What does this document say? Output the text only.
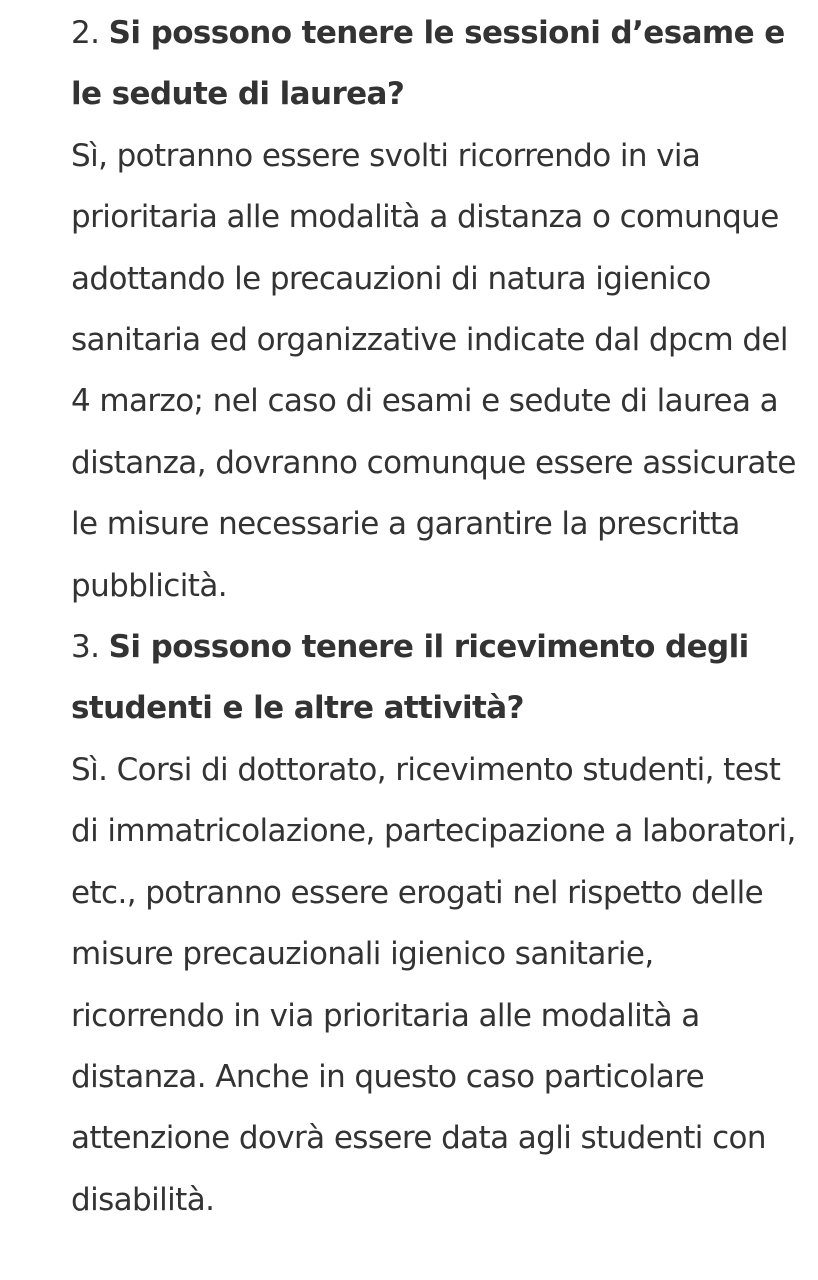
2. Si possono tenere le sessioni d’esame e le sedute di laurea?

Sì, potranno essere svolti ricorrendo in via prioritaria alle modalità a distanza o comunque adottando le precauzioni di natura igienico sanitaria ed organizzative indicate dal dpcm del 4 marzo; nel caso di esami e sedute di laurea a distanza, dovranno comunque essere assicurate le misure necessarie a garantire la prescritta pubblicità.

3. Si possono tenere il ricevimento degli studenti e le altre attività?

Sì. Corsi di dottorato, ricevimento studenti, test di immatricolazione, partecipazione a laboratori, etc., potranno essere erogati nel rispetto delle misure precauzionali igienico sanitarie, ricorrendo in via prioritaria alle modalità a distanza. Anche in questo caso particolare attenzione dovrà essere data agli studenti con disabilità.
